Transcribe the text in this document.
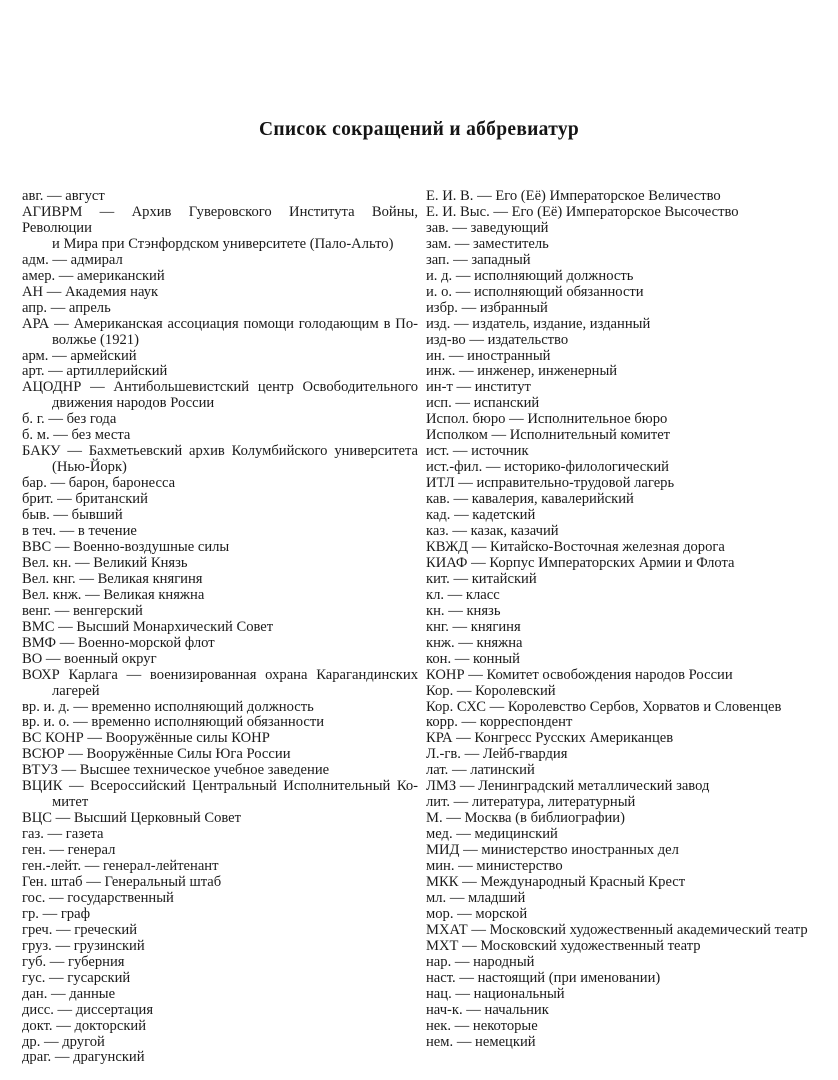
Список сокращений и аббревиатур

авг. — август

АГИВРМ — Архив Гуверовского Института Войны, Революции
и Мира при Стэнфордском университете (Пало-Альто)

адм. — адмирал

амер. — американский

АН — Академия наук

апр. — апрель

АРА — Американская ассоциация помощи голодающим в По-
волжье (1921)

арм. — армейский

арт. — артиллерийский

АЦОДНР — Антибольшевистский центр Освободительного
движения народов России

б. г. — без года

б. м. — без места

БАКУ — Бахметьевский архив Колумбийского университета
(Нью-Йорк)

бар. — барон, баронесса

брит. — британский

быв. — бывший

в теч. — в течение

ВВС — Военно-воздушные силы

Вел. кн. — Великий Князь

Вел. кнг. — Великая княгиня

Вел. кнж. — Великая княжна

венг. — венгерский

ВМС — Высший Монархический Совет

ВМФ — Военно-морской флот

ВО — военный округ

ВОХР Карлага — военизированная охрана Карагандинских
лагерей

вр. и. д. — временно исполняющий должность

вр. и. о. — временно исполняющий обязанности

ВС КОНР — Вооружённые силы КОНР

ВСЮР — Вооружённые Силы Юга России

ВТУЗ — Высшее техническое учебное заведение

ВЦИК — Всероссийский Центральный Исполнительный Ко-
митет

ВЦС — Высший Церковный Совет

газ. — газета

ген. — генерал

ген.-лейт. — генерал-лейтенант

Ген. штаб — Генеральный штаб

гос. — государственный

гр. — граф

греч. — греческий

груз. — грузинский

губ. — губерния

гус. — гусарский

дан. — данные

дисс. — диссертация

докт. — докторский

др. — другой

драг. — драгунский

Е. И. В. — Его (Её) Императорское Величество

Е. И. Выс. — Его (Её) Императорское Высочество

зав. — заведующий

зам. — заместитель

зап. — западный

и. д. — исполняющий должность

и. о. — исполняющий обязанности

избр. — избранный

изд. — издатель, издание, изданный

изд-во — издательство

ин. — иностранный

инж. — инженер, инженерный

ин-т — институт

исп. — испанский

Испол. бюро — Исполнительное бюро

Исполком — Исполнительный комитет

ист. — источник

ист.-фил. — историко-филологический

ИТЛ — исправительно-трудовой лагерь

кав. — кавалерия, кавалерийский

кад. — кадетский

каз. — казак, казачий

КВЖД — Китайско-Восточная железная дорога

КИАФ — Корпус Императорских Армии и Флота

кит. — китайский

кл. — класс

кн. — князь

кнг. — княгиня

кнж. — княжна

кон. — конный

КОНР — Комитет освобождения народов России

Кор. — Королевский

Кор. СХС — Королевство Сербов, Хорватов и Словенцев

корр. — корреспондент

КРА — Конгресс Русских Американцев

Л.-гв. — Лейб-гвардия

лат. — латинский

ЛМЗ — Ленинградский металлический завод

лит. — литература, литературный

М. — Москва (в библиографии)

мед. — медицинский

МИД — министерство иностранных дел

мин. — министерство

МКК — Международный Красный Крест

мл. — младший

мор. — морской

МХАТ — Московский художественный академический театр

МХТ — Московский художественный театр

нар. — народный

наст. — настоящий (при именовании)

нац. — национальный

нач-к. — начальник

нек. — некоторые

нем. — немецкий
